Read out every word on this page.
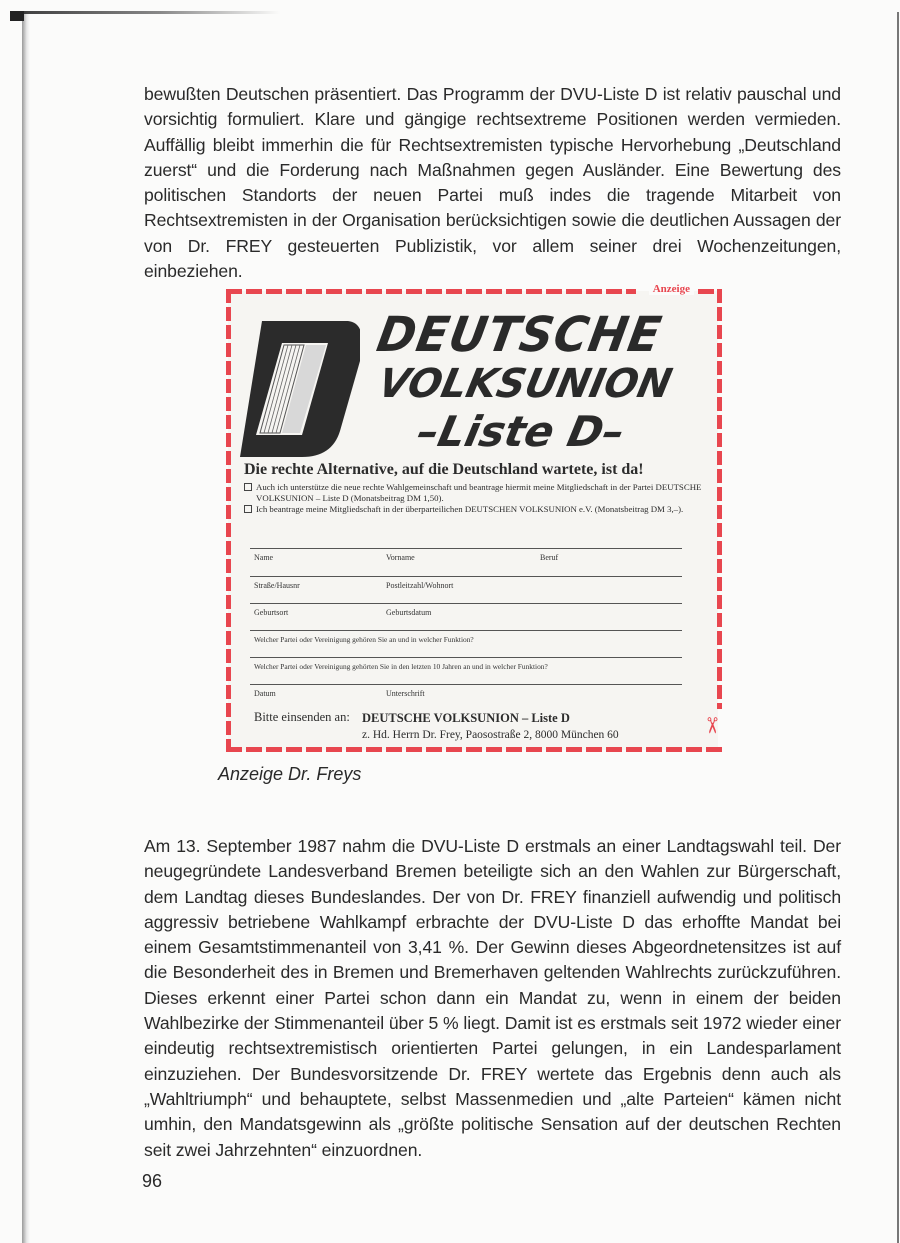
bewußten Deutschen präsentiert. Das Programm der DVU-Liste D ist relativ pauschal und vorsichtig formuliert. Klare und gängige rechtsextreme Positionen werden vermieden. Auffällig bleibt immerhin die für Rechtsextremisten typische Hervorhebung „Deutschland zuerst“ und die Forderung nach Maßnahmen gegen Ausländer. Eine Bewertung des politischen Standorts der neuen Partei muß indes die tragende Mitarbeit von Rechtsextremisten in der Organisation berücksichtigen sowie die deutlichen Aussagen der von Dr. FREY gesteuerten Publizistik, vor allem seiner drei Wochenzeitungen, einbeziehen.

Anzeige
DEUTSCHE
VOLKSUNION
–Liste D–
Die rechte Alternative, auf die Deutschland wartete, ist da!
Auch ich unterstütze die neue rechte Wahlgemeinschaft und beantrage hiermit meine Mitgliedschaft in der Partei DEUTSCHE VOLKSUNION – Liste D (Monatsbeitrag DM 1,50).
Ich beantrage meine Mitgliedschaft in der überparteilichen DEUTSCHEN VOLKSUNION e.V. (Monatsbeitrag DM 3,–).
Name	Vorname	Beruf
Straße/Hausnr	Postleitzahl/Wohnort
Geburtsort	Geburtsdatum
Welcher Partei oder Vereinigung gehören Sie an und in welcher Funktion?
Welcher Partei oder Vereinigung gehörten Sie in den letzten 10 Jahren an und in welcher Funktion?
Datum	Unterschrift
Bitte einsenden an: DEUTSCHE VOLKSUNION – Liste D
z. Hd. Herrn Dr. Frey, Paosostraße 2, 8000 München 60
✂
Anzeige Dr. Freys

Am 13. September 1987 nahm die DVU-Liste D erstmals an einer Landtagswahl teil. Der neugegründete Landesverband Bremen beteiligte sich an den Wahlen zur Bürgerschaft, dem Landtag dieses Bundeslandes. Der von Dr. FREY finanziell aufwendig und politisch aggressiv betriebene Wahlkampf erbrachte der DVU-Liste D das erhoffte Mandat bei einem Gesamtstimmenanteil von 3,41 %. Der Gewinn dieses Abgeordnetensitzes ist auf die Besonderheit des in Bremen und Bremerhaven geltenden Wahlrechts zurückzuführen. Dieses erkennt einer Partei schon dann ein Mandat zu, wenn in einem der beiden Wahlbezirke der Stimmenanteil über 5 % liegt. Damit ist es erstmals seit 1972 wieder einer eindeutig rechtsextremistisch orientierten Partei gelungen, in ein Landesparlament einzuziehen. Der Bundesvorsitzende Dr. FREY wertete das Ergebnis denn auch als „Wahltriumph“ und behauptete, selbst Massenmedien und „alte Parteien“ kämen nicht umhin, den Mandatsgewinn als „größte politische Sensation auf der deutschen Rechten seit zwei Jahrzehnten“ einzuordnen.

96
